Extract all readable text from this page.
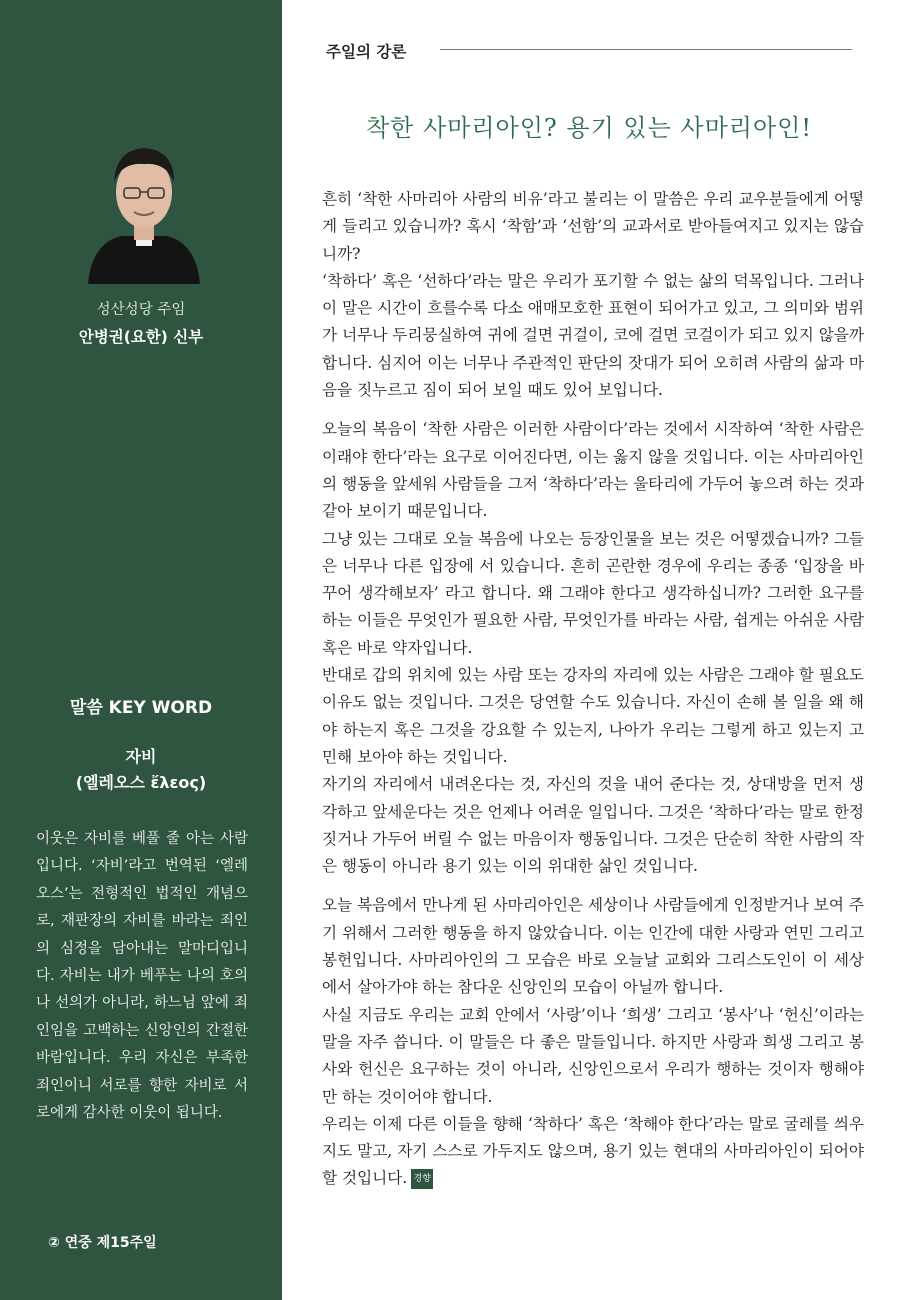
성산성당 주임
안병권(요한) 신부
말씀 KEY WORD
자비
(엘레오스 ἔλεος)

이웃은 자비를 베풀 줄 아는 사람입니다. ‘자비’라고 번역된 ‘엘레오스’는 전형적인 법적인 개념으로, 재판장의 자비를 바라는 죄인의 심정을 담아내는 말마디입니다. 자비는 내가 베푸는 나의 호의나 선의가 아니라, 하느님 앞에 죄인임을 고백하는 신앙인의 간절한 바람입니다. 우리 자신은 부족한 죄인이니 서로를 향한 자비로 서로에게 감사한 이웃이 됩니다.

② 연중 제15주일
주일의 강론
착한 사마리아인? 용기 있는 사마리아인!

흔히 ‘착한 사마리아 사람의 비유’라고 불리는 이 말씀은 우리 교우분들에게 어떻게 들리고 있습니까? 혹시 ‘착함’과 ‘선함’의 교과서로 받아들여지고 있지는 않습니까?

‘착하다’ 혹은 ‘선하다’라는 말은 우리가 포기할 수 없는 삶의 덕목입니다. 그러나 이 말은 시간이 흐를수록 다소 애매모호한 표현이 되어가고 있고, 그 의미와 범위가 너무나 두리뭉실하여 귀에 걸면 귀걸이, 코에 걸면 코걸이가 되고 있지 않을까 합니다. 심지어 이는 너무나 주관적인 판단의 잣대가 되어 오히려 사람의 삶과 마음을 짓누르고 짐이 되어 보일 때도 있어 보입니다.

오늘의 복음이 ‘착한 사람은 이러한 사람이다’라는 것에서 시작하여 ‘착한 사람은 이래야 한다’라는 요구로 이어진다면, 이는 옳지 않을 것입니다. 이는 사마리아인의 행동을 앞세워 사람들을 그저 ‘착하다’라는 울타리에 가두어 놓으려 하는 것과 같아 보이기 때문입니다.

그냥 있는 그대로 오늘 복음에 나오는 등장인물을 보는 것은 어떻겠습니까? 그들은 너무나 다른 입장에 서 있습니다. 흔히 곤란한 경우에 우리는 종종 ‘입장을 바꾸어 생각해보자’ 라고 합니다. 왜 그래야 한다고 생각하십니까? 그러한 요구를 하는 이들은 무엇인가 필요한 사람, 무엇인가를 바라는 사람, 쉽게는 아쉬운 사람 혹은 바로 약자입니다.

반대로 갑의 위치에 있는 사람 또는 강자의 자리에 있는 사람은 그래야 할 필요도 이유도 없는 것입니다. 그것은 당연할 수도 있습니다. 자신이 손해 볼 일을 왜 해야 하는지 혹은 그것을 강요할 수 있는지, 나아가 우리는 그렇게 하고 있는지 고민해 보아야 하는 것입니다.

자기의 자리에서 내려온다는 것, 자신의 것을 내어 준다는 것, 상대방을 먼저 생각하고 앞세운다는 것은 언제나 어려운 일입니다. 그것은 ‘착하다’라는 말로 한정 짓거나 가두어 버릴 수 없는 마음이자 행동입니다. 그것은 단순히 착한 사람의 작은 행동이 아니라 용기 있는 이의 위대한 삶인 것입니다.

오늘 복음에서 만나게 된 사마리아인은 세상이나 사람들에게 인정받거나 보여 주기 위해서 그러한 행동을 하지 않았습니다. 이는 인간에 대한 사랑과 연민 그리고 봉헌입니다. 사마리아인의 그 모습은 바로 오늘날 교회와 그리스도인이 이 세상에서 살아가야 하는 참다운 신앙인의 모습이 아닐까 합니다.

사실 지금도 우리는 교회 안에서 ‘사랑’이나 ‘희생’ 그리고 ‘봉사’나 ‘헌신’이라는 말을 자주 씁니다. 이 말들은 다 좋은 말들입니다. 하지만 사랑과 희생 그리고 봉사와 헌신은 요구하는 것이 아니라, 신앙인으로서 우리가 행하는 것이자 행해야만 하는 것이어야 합니다.

우리는 이제 다른 이들을 향해 ‘착하다’ 혹은 ‘착해야 한다’라는 말로 굴레를 씌우지도 말고, 자기 스스로 가두지도 않으며, 용기 있는 현대의 사마리아인이 되어야 할 것입니다. 경향
